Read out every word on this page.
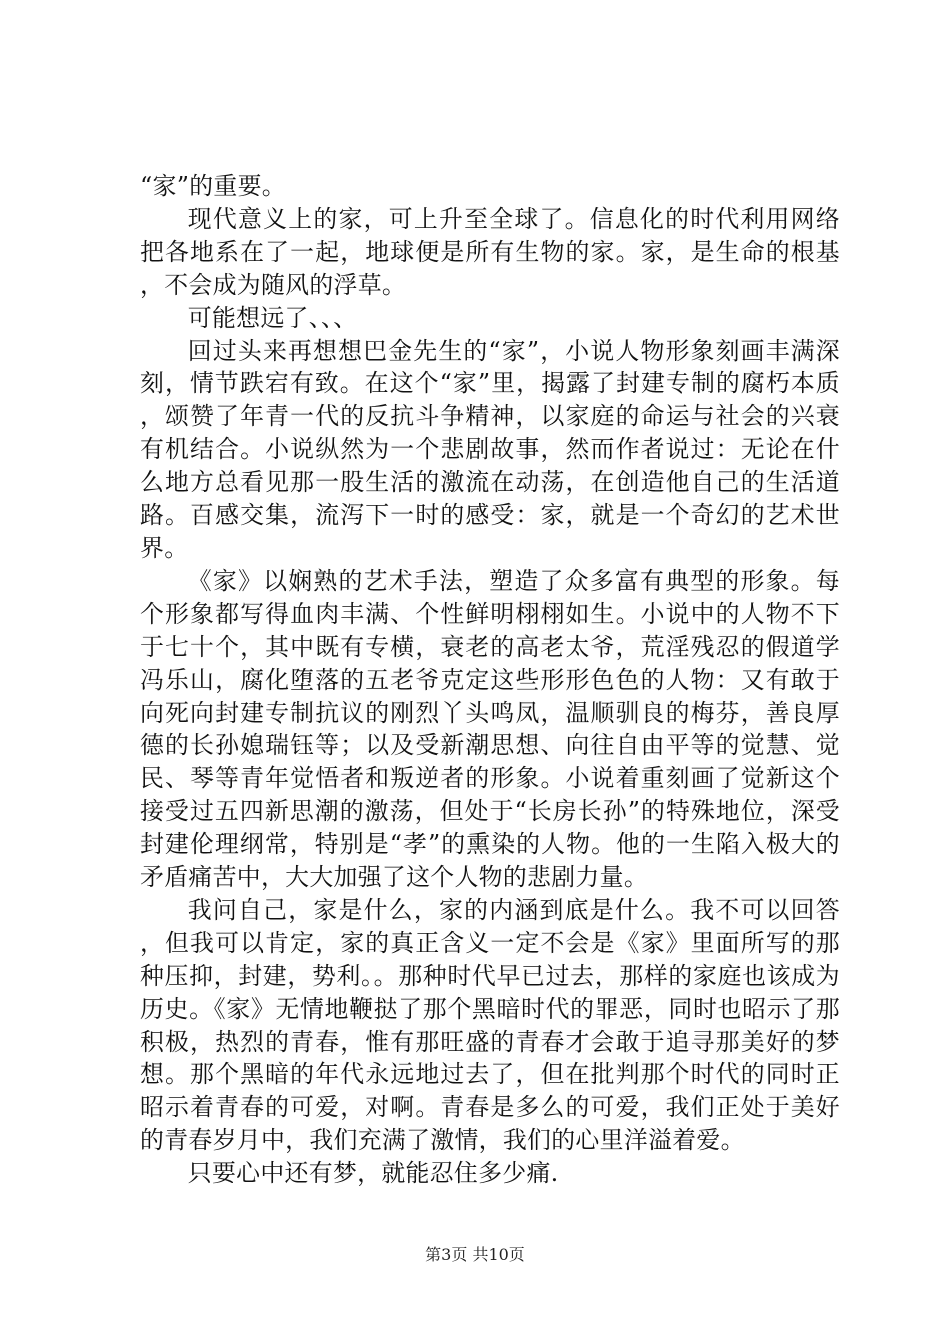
“家”的重要。

现代意义上的家，可上升至全球了。信息化的时代利用网络把各地系在了一起，地球便是所有生物的家。家，是生命的根基，不会成为随风的浮草。

可能想远了、、、

回过头来再想想巴金先生的“家”，小说人物形象刻画丰满深刻，情节跌宕有致。在这个“家”里，揭露了封建专制的腐朽本质，颂赞了年青一代的反抗斗争精神，以家庭的命运与社会的兴衰有机结合。小说纵然为一个悲剧故事，然而作者说过：无论在什么地方总看见那一股生活的激流在动荡，在创造他自己的生活道路。百感交集，流泻下一时的感受：家，就是一个奇幻的艺术世界。

《家》以娴熟的艺术手法，塑造了众多富有典型的形象。每个形象都写得血肉丰满、个性鲜明栩栩如生。小说中的人物不下于七十个，其中既有专横，衰老的高老太爷，荒淫残忍的假道学冯乐山，腐化堕落的五老爷克定这些形形色色的人物：又有敢于向死向封建专制抗议的刚烈丫头鸣凤，温顺驯良的梅芬，善良厚德的长孙媳瑞钰等；以及受新潮思想、向往自由平等的觉慧、觉民、琴等青年觉悟者和叛逆者的形象。小说着重刻画了觉新这个接受过五四新思潮的激荡，但处于“长房长孙”的特殊地位，深受封建伦理纲常，特别是“孝”的熏染的人物。他的一生陷入极大的矛盾痛苦中，大大加强了这个人物的悲剧力量。

我问自己，家是什么，家的内涵到底是什么。我不可以回答，但我可以肯定，家的真正含义一定不会是《家》里面所写的那种压抑，封建，势利。。那种时代早已过去，那样的家庭也该成为历史。《家》无情地鞭挞了那个黑暗时代的罪恶，同时也昭示了那积极，热烈的青春，惟有那旺盛的青春才会敢于追寻那美好的梦想。那个黑暗的年代永远地过去了，但在批判那个时代的同时正昭示着青春的可爱，对啊。青春是多么的可爱，我们正处于美好的青春岁月中，我们充满了激情，我们的心里洋溢着爱。

只要心中还有梦，就能忍住多少痛.

第3页 共10页
